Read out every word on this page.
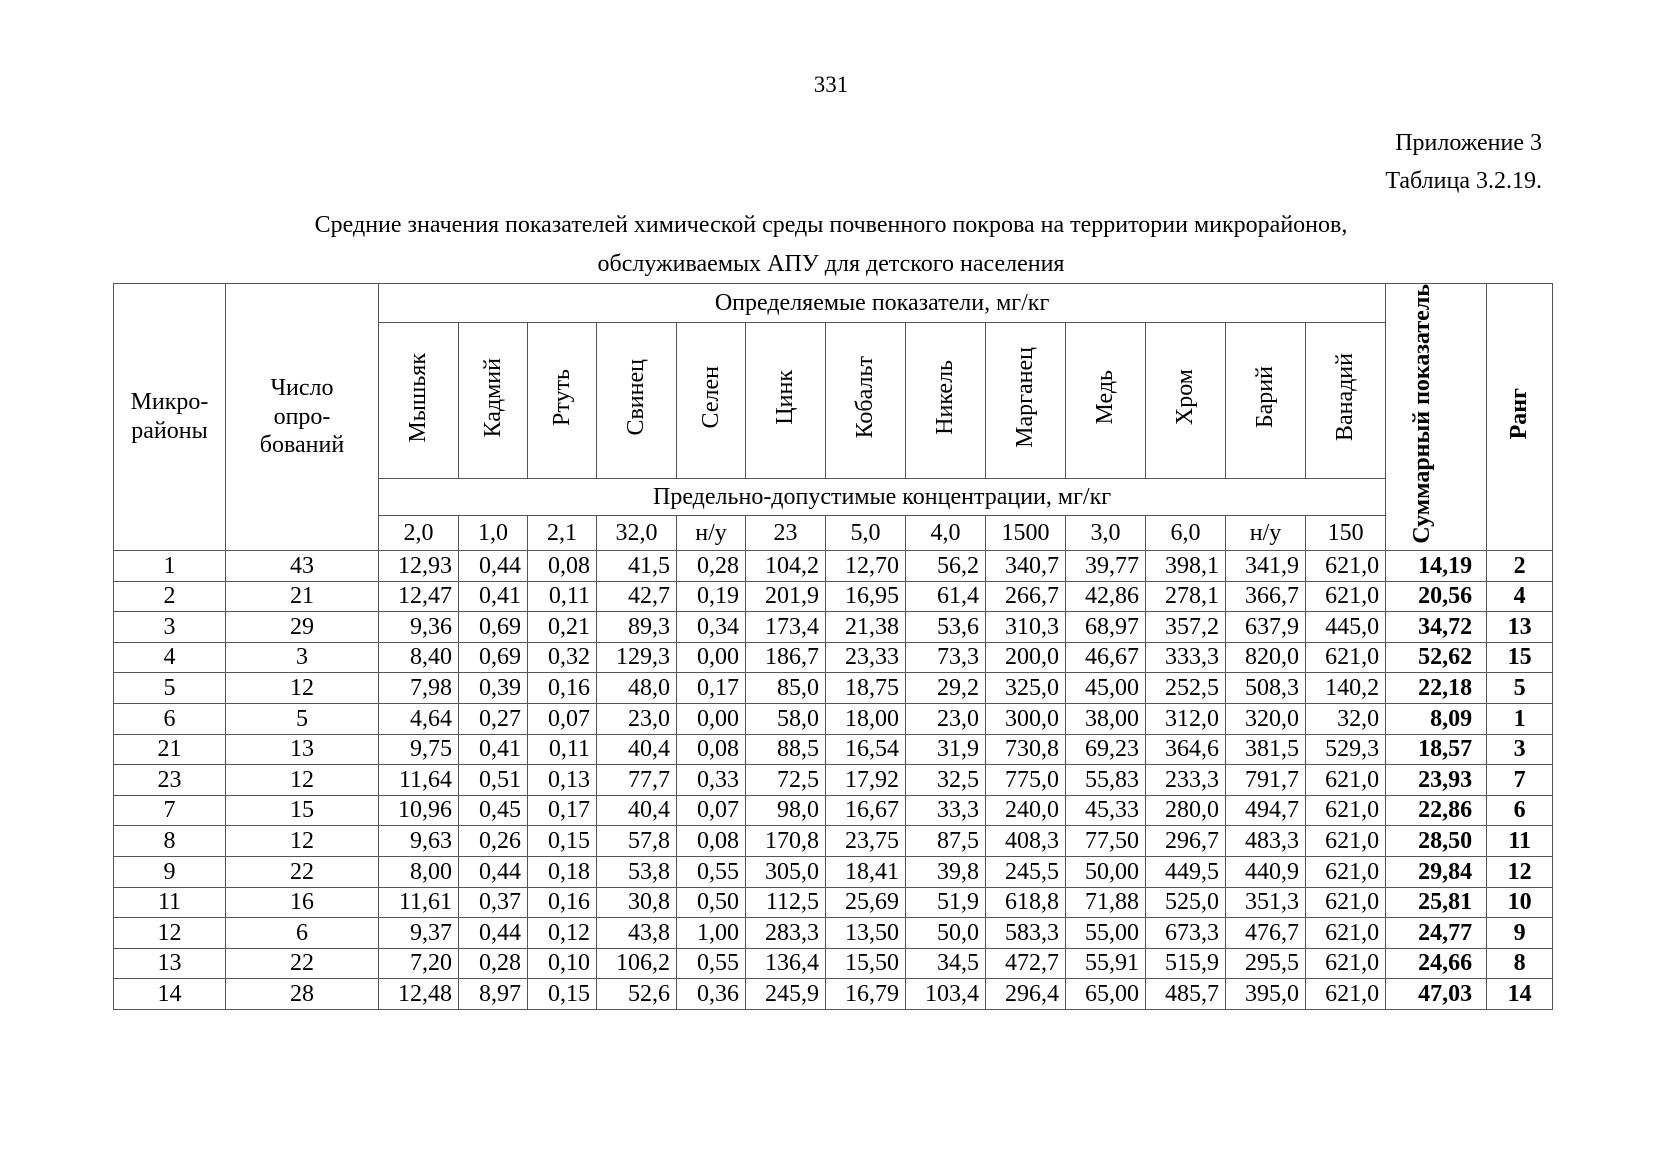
331
Приложение 3
Таблица 3.2.19.
Средние значения показателей химической среды почвенного покрова на территории микрорайонов,
обслуживаемых АПУ для детского населения
Микро-
районы	Число
опро-
бований	Определяемые показатели, мг/кг													Суммарный показатель	Ранг
		Мышьяк	Кадмий	Ртуть	Свинец	Селен	Цинк	Кобальт	Никель	Марганец	Медь	Хром	Барий	Ванадий		
		Предельно-допустимые концентрации, мг/кг														
		2,0	1,0	2,1	32,0	н/у	23	5,0	4,0	1500	3,0	6,0	н/у	150		
1	43	12,93	0,44	0,08	41,5	0,28	104,2	12,70	56,2	340,7	39,77	398,1	341,9	621,0	14,19	2
2	21	12,47	0,41	0,11	42,7	0,19	201,9	16,95	61,4	266,7	42,86	278,1	366,7	621,0	20,56	4
3	29	9,36	0,69	0,21	89,3	0,34	173,4	21,38	53,6	310,3	68,97	357,2	637,9	445,0	34,72	13
4	3	8,40	0,69	0,32	129,3	0,00	186,7	23,33	73,3	200,0	46,67	333,3	820,0	621,0	52,62	15
5	12	7,98	0,39	0,16	48,0	0,17	85,0	18,75	29,2	325,0	45,00	252,5	508,3	140,2	22,18	5
6	5	4,64	0,27	0,07	23,0	0,00	58,0	18,00	23,0	300,0	38,00	312,0	320,0	32,0	8,09	1
21	13	9,75	0,41	0,11	40,4	0,08	88,5	16,54	31,9	730,8	69,23	364,6	381,5	529,3	18,57	3
23	12	11,64	0,51	0,13	77,7	0,33	72,5	17,92	32,5	775,0	55,83	233,3	791,7	621,0	23,93	7
7	15	10,96	0,45	0,17	40,4	0,07	98,0	16,67	33,3	240,0	45,33	280,0	494,7	621,0	22,86	6
8	12	9,63	0,26	0,15	57,8	0,08	170,8	23,75	87,5	408,3	77,50	296,7	483,3	621,0	28,50	11
9	22	8,00	0,44	0,18	53,8	0,55	305,0	18,41	39,8	245,5	50,00	449,5	440,9	621,0	29,84	12
11	16	11,61	0,37	0,16	30,8	0,50	112,5	25,69	51,9	618,8	71,88	525,0	351,3	621,0	25,81	10
12	6	9,37	0,44	0,12	43,8	1,00	283,3	13,50	50,0	583,3	55,00	673,3	476,7	621,0	24,77	9
13	22	7,20	0,28	0,10	106,2	0,55	136,4	15,50	34,5	472,7	55,91	515,9	295,5	621,0	24,66	8
14	28	12,48	8,97	0,15	52,6	0,36	245,9	16,79	103,4	296,4	65,00	485,7	395,0	621,0	47,03	14
